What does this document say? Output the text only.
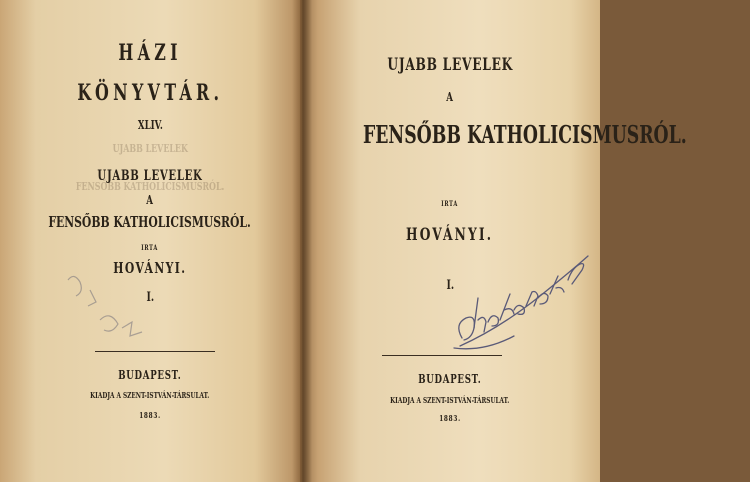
UJABB LEVELEK
FENSŐBB KATHOLICISMUSRÓL.
HÁZI
KÖNYVTÁR.
XLIV.
UJABB LEVELEK
A
FENSŐBB KATHOLICISMUSRÓL.
IRTA
HOVÁNYI.
I.
BUDAPEST.
KIADJA A SZENT-ISTVÁN-TÁRSULAT.
1883.
UJABB LEVELEK
A
FENSŐBB KATHOLICISMUSRÓL.
IRTA
HOVÁNYI.
I.
BUDAPEST.
KIADJA A SZENT-ISTVÁN-TÁRSULAT.
1883.
